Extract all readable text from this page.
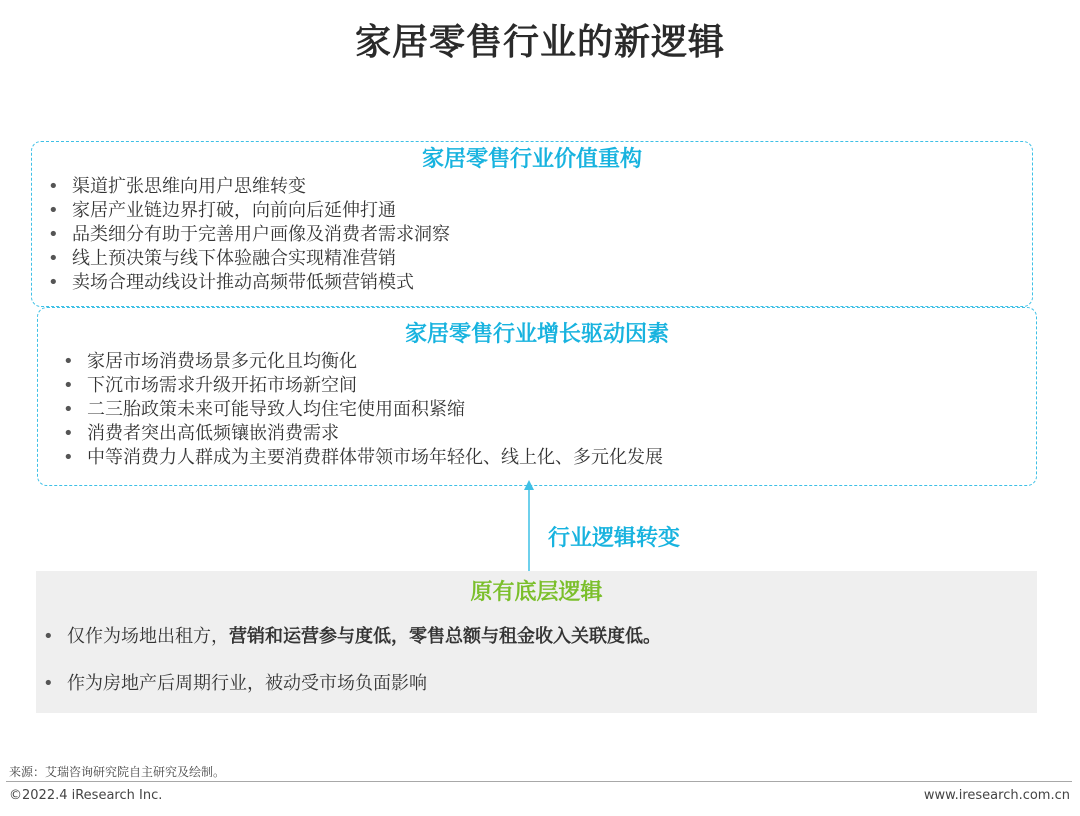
家居零售行业的新逻辑
家居零售行业价值重构
• 渠道扩张思维向用户思维转变
• 家居产业链边界打破，向前向后延伸打通
• 品类细分有助于完善用户画像及消费者需求洞察
• 线上预决策与线下体验融合实现精准营销
• 卖场合理动线设计推动高频带低频营销模式
家居零售行业增长驱动因素
• 家居市场消费场景多元化且均衡化
• 下沉市场需求升级开拓市场新空间
• 二三胎政策未来可能导致人均住宅使用面积紧缩
• 消费者突出高低频镶嵌消费需求
• 中等消费力人群成为主要消费群体带领市场年轻化、线上化、多元化发展
行业逻辑转变
原有底层逻辑
• 仅作为场地出租方，营销和运营参与度低，零售总额与租金收入关联度低。
• 作为房地产后周期行业，被动受市场负面影响
来源：艾瑞咨询研究院自主研究及绘制。
©2022.4 iResearch Inc.	www.iresearch.com.cn
